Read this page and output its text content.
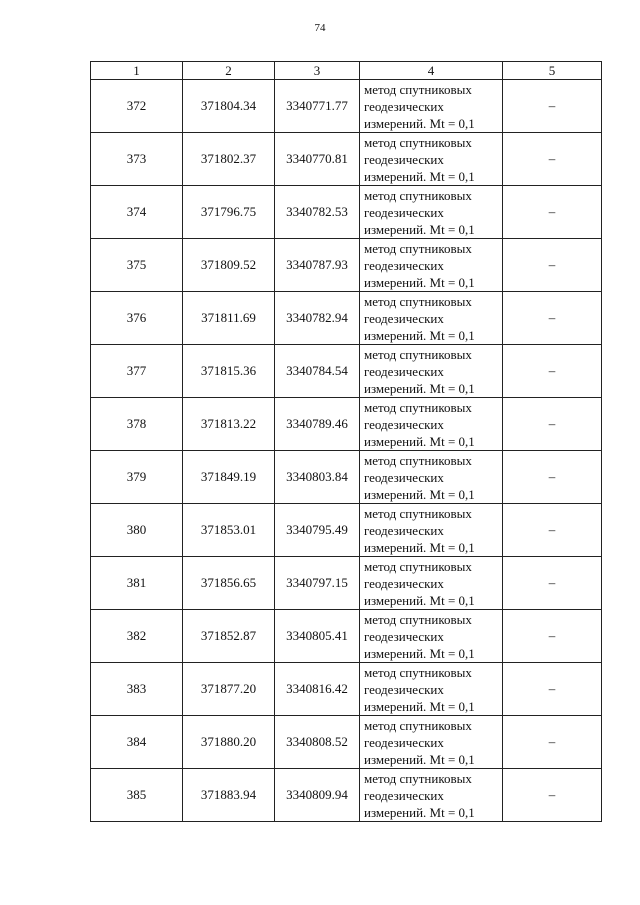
74
1	2	3	4	5
372	371804.34	3340771.77	метод спутниковых
геодезических
измерений. Mt = 0,1	–
373	371802.37	3340770.81	метод спутниковых
геодезических
измерений. Mt = 0,1	–
374	371796.75	3340782.53	метод спутниковых
геодезических
измерений. Mt = 0,1	–
375	371809.52	3340787.93	метод спутниковых
геодезических
измерений. Mt = 0,1	–
376	371811.69	3340782.94	метод спутниковых
геодезических
измерений. Mt = 0,1	–
377	371815.36	3340784.54	метод спутниковых
геодезических
измерений. Mt = 0,1	–
378	371813.22	3340789.46	метод спутниковых
геодезических
измерений. Mt = 0,1	–
379	371849.19	3340803.84	метод спутниковых
геодезических
измерений. Mt = 0,1	–
380	371853.01	3340795.49	метод спутниковых
геодезических
измерений. Mt = 0,1	–
381	371856.65	3340797.15	метод спутниковых
геодезических
измерений. Mt = 0,1	–
382	371852.87	3340805.41	метод спутниковых
геодезических
измерений. Mt = 0,1	–
383	371877.20	3340816.42	метод спутниковых
геодезических
измерений. Mt = 0,1	–
384	371880.20	3340808.52	метод спутниковых
геодезических
измерений. Mt = 0,1	–
385	371883.94	3340809.94	метод спутниковых
геодезических
измерений. Mt = 0,1	–
